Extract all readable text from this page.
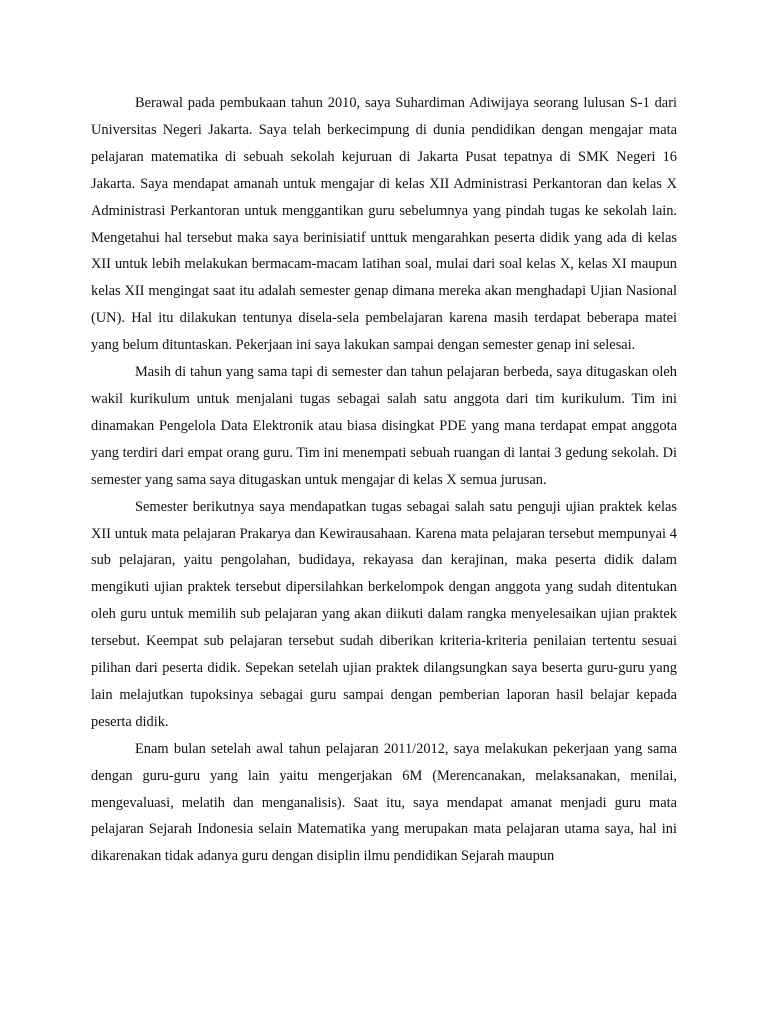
Berawal pada pembukaan tahun 2010, saya Suhardiman Adiwijaya seorang lulusan S-1 dari Universitas Negeri Jakarta. Saya telah berkecimpung di dunia pendidikan dengan mengajar mata pelajaran matematika di sebuah sekolah kejuruan di Jakarta Pusat tepatnya di SMK Negeri 16 Jakarta. Saya mendapat amanah untuk mengajar di kelas XII Administrasi Perkantoran dan kelas X Administrasi Perkantoran untuk menggantikan guru sebelumnya yang pindah tugas ke sekolah lain. Mengetahui hal tersebut maka saya berinisiatif unttuk mengarahkan peserta didik yang ada di kelas XII untuk lebih melakukan bermacam-macam latihan soal, mulai dari soal kelas X, kelas XI maupun kelas XII mengingat saat itu adalah semester genap dimana mereka akan menghadapi Ujian Nasional (UN). Hal itu dilakukan tentunya disela-sela pembelajaran karena masih terdapat beberapa matei yang belum dituntaskan. Pekerjaan ini saya lakukan sampai dengan semester genap ini selesai.

Masih di tahun yang sama tapi di semester dan tahun pelajaran berbeda, saya ditugaskan oleh wakil kurikulum untuk menjalani tugas sebagai salah satu anggota dari tim kurikulum. Tim ini dinamakan Pengelola Data Elektronik atau biasa disingkat PDE yang mana terdapat empat anggota yang terdiri dari empat orang guru. Tim ini menempati sebuah ruangan di lantai 3 gedung sekolah. Di semester yang sama saya ditugaskan untuk mengajar di kelas X semua jurusan.

Semester berikutnya saya mendapatkan tugas sebagai salah satu penguji ujian praktek kelas XII untuk mata pelajaran Prakarya dan Kewirausahaan. Karena mata pelajaran tersebut mempunyai 4 sub pelajaran, yaitu pengolahan, budidaya, rekayasa dan kerajinan, maka peserta didik dalam mengikuti ujian praktek tersebut dipersilahkan berkelompok dengan anggota yang sudah ditentukan oleh guru untuk memilih sub pelajaran yang akan diikuti dalam rangka menyelesaikan ujian praktek tersebut. Keempat sub pelajaran tersebut sudah diberikan kriteria-kriteria penilaian tertentu sesuai pilihan dari peserta didik. Sepekan setelah ujian praktek dilangsungkan saya beserta guru-guru yang lain melajutkan tupoksinya sebagai guru sampai dengan pemberian laporan hasil belajar kepada peserta didik.

Enam bulan setelah awal tahun pelajaran 2011/2012, saya melakukan pekerjaan yang sama dengan guru-guru yang lain yaitu mengerjakan 6M (Merencanakan, melaksanakan, menilai, mengevaluasi, melatih dan menganalisis). Saat itu, saya mendapat amanat menjadi guru mata pelajaran Sejarah Indonesia selain Matematika yang merupakan mata pelajaran utama saya, hal ini dikarenakan tidak adanya guru dengan disiplin ilmu pendidikan Sejarah maupun
